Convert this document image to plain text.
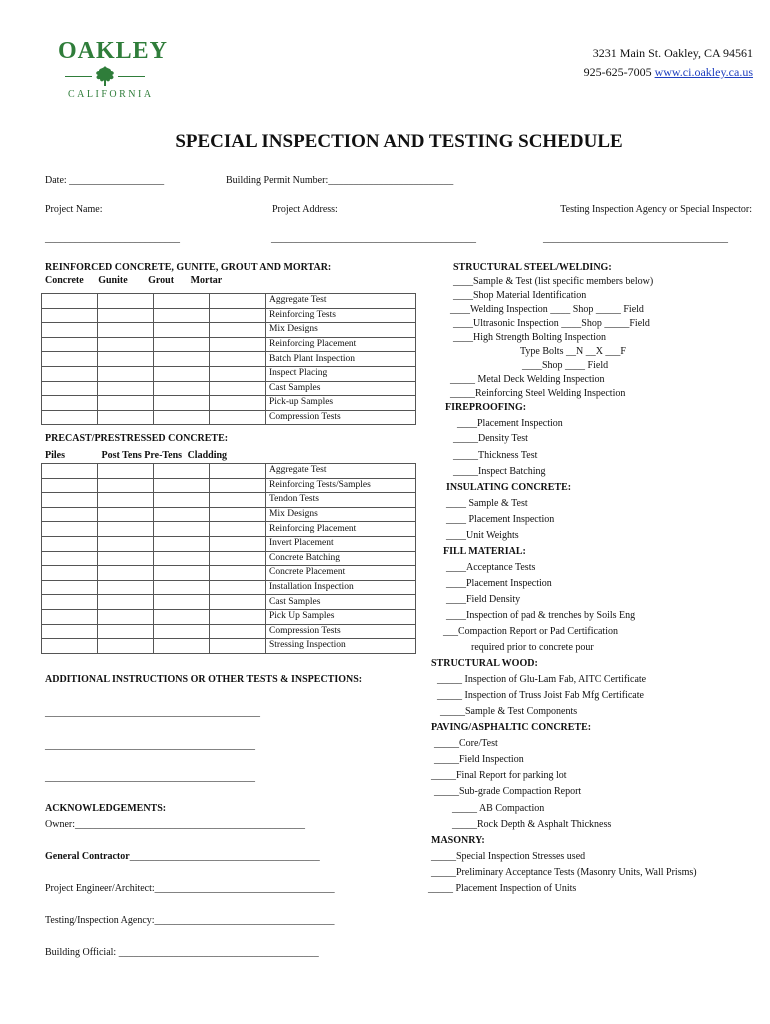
OAKLEY
CALIFORNIA
3231 Main St. Oakley, CA 94561
925-625-7005 www.ci.oakley.ca.us
SPECIAL INSPECTION AND TESTING SCHEDULE
Date: ___________________	Building Permit Number:_________________________
Project Name:	Project Address:	Testing Inspection Agency or Special Inspector:
___________________________	_________________________________________	_____________________________________
REINFORCED CONCRETE, GUNITE, GROUT AND MORTAR:
Concrete Gunite Grout Mortar
				Aggregate Test
				Reinforcing Tests
				Mix Designs
				Reinforcing Placement
				Batch Plant Inspection
				Inspect Placing
				Cast Samples
				Pick-up Samples
				Compression Tests
PRECAST/PRESTRESSED CONCRETE:
Piles	Post Tens Pre-Tens Cladding
				Aggregate Test
				Reinforcing Tests/Samples
				Tendon Tests
				Mix Designs
				Reinforcing Placement
				Invert Placement
				Concrete Batching
				Concrete Placement
				Installation Inspection
				Cast Samples
				Pick Up Samples
				Compression Tests
				Stressing Inspection
ADDITIONAL INSTRUCTIONS OR OTHER TESTS & INSPECTIONS:
___________________________________________
__________________________________________
__________________________________________
ACKNOWLEDGEMENTS:
Owner:______________________________________________
General Contractor______________________________________
Project Engineer/Architect:____________________________________
Testing/Inspection Agency:____________________________________
Building Official: ________________________________________
STRUCTURAL STEEL/WELDING:
____Sample & Test (list specific members below)
____Shop Material Identification
____Welding Inspection ____ Shop _____ Field
____Ultrasonic Inspection ____Shop _____Field
____High Strength Bolting Inspection
Type Bolts __N __X ___F
____Shop ____ Field
_____ Metal Deck Welding Inspection
_____Reinforcing Steel Welding Inspection
FIREPROOFING:
____Placement Inspection
_____Density Test
_____Thickness Test
_____Inspect Batching
INSULATING CONCRETE:
____ Sample & Test
____ Placement Inspection
____Unit Weights
FILL MATERIAL:
____Acceptance Tests
____Placement Inspection
____Field Density
____Inspection of pad & trenches by Soils Eng
___Compaction Report or Pad Certification
required prior to concrete pour
STRUCTURAL WOOD:
_____ Inspection of Glu-Lam Fab, AITC Certificate
_____ Inspection of Truss Joist Fab Mfg Certificate
_____Sample & Test Components
PAVING/ASPHALTIC CONCRETE:
_____Core/Test
_____Field Inspection
_____Final Report for parking lot
_____Sub-grade Compaction Report
_____ AB Compaction
_____Rock Depth & Asphalt Thickness
MASONRY:
_____Special Inspection Stresses used
_____Preliminary Acceptance Tests (Masonry Units, Wall Prisms)
_____ Placement Inspection of Units
